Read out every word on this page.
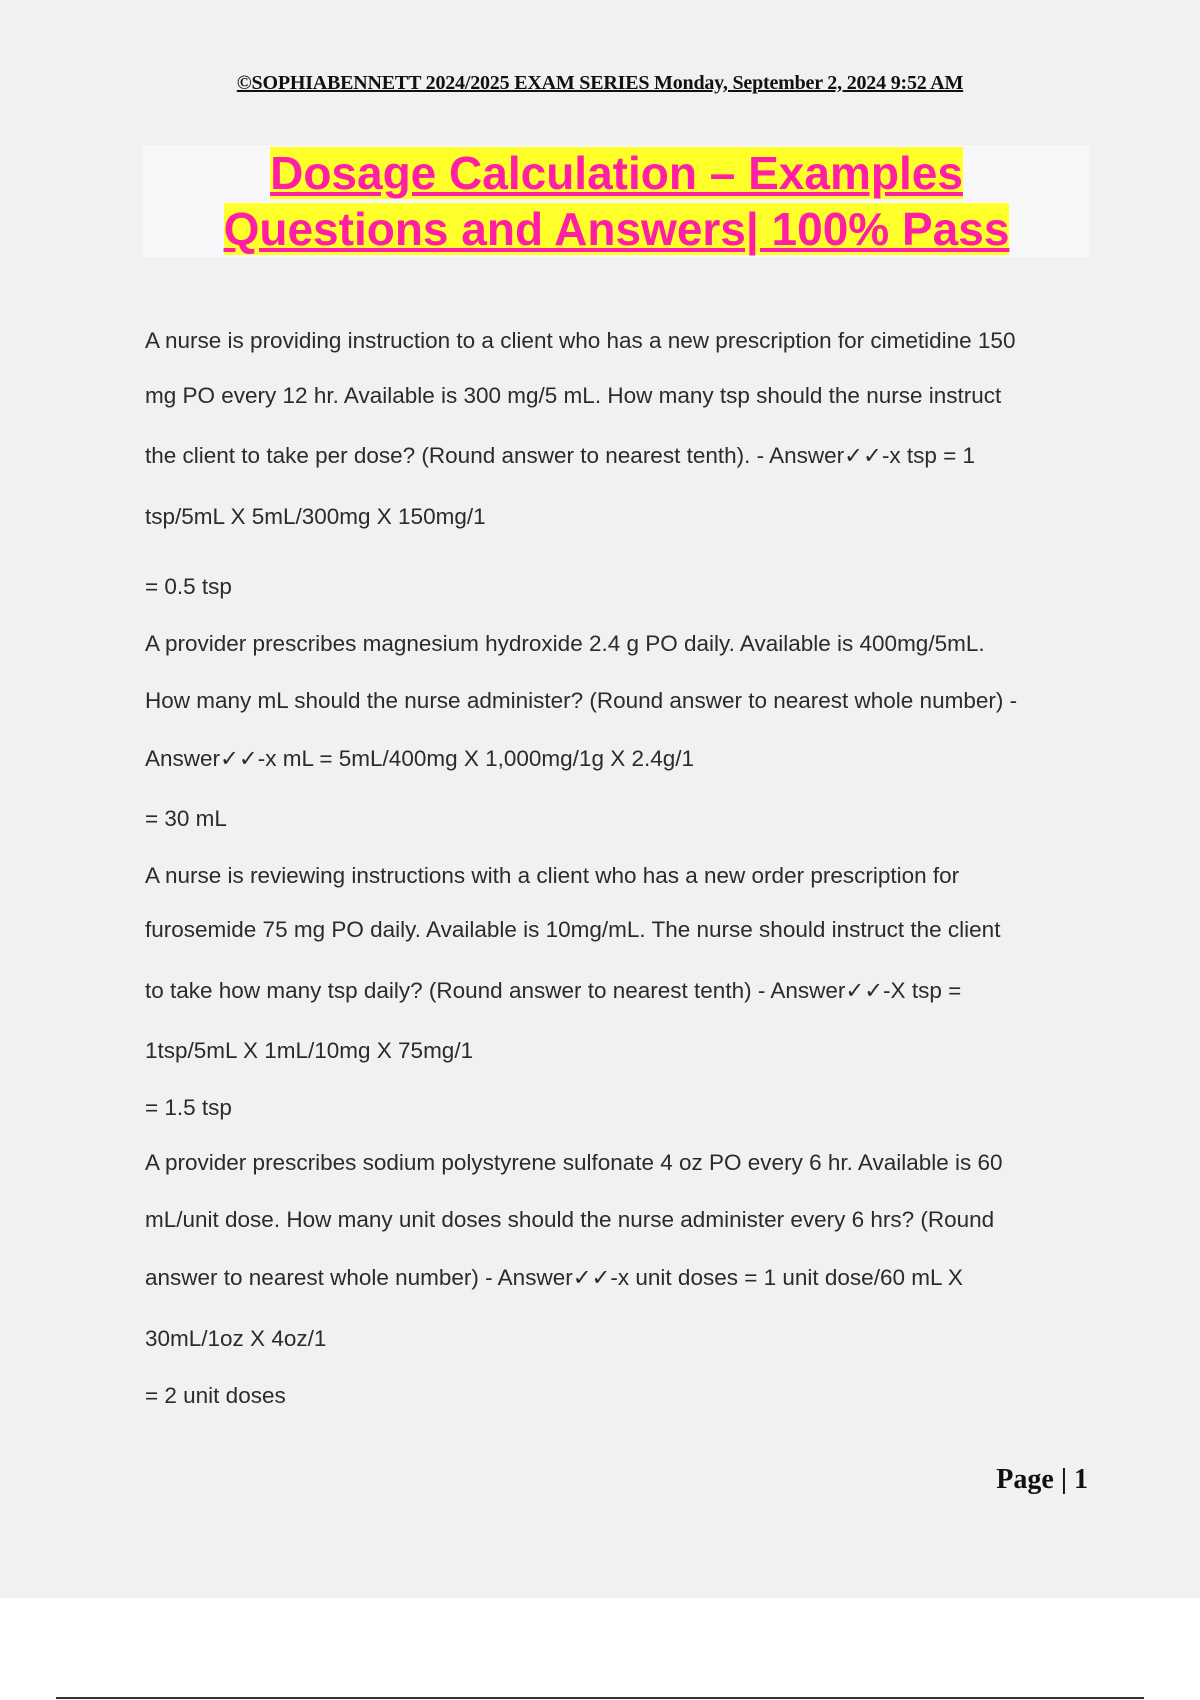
©SOPHIABENNETT 2024/2025 EXAM SERIES Monday, September 2, 2024 9:52 AM
Dosage Calculation – Examples
Questions and Answers| 100% Pass

A nurse is providing instruction to a client who has a new prescription for cimetidine 150

mg PO every 12 hr. Available is 300 mg/5 mL. How many tsp should the nurse instruct

the client to take per dose? (Round answer to nearest tenth). - Answer✓✓-x tsp = 1

tsp/5mL X 5mL/300mg X 150mg/1

= 0.5 tsp

A provider prescribes magnesium hydroxide 2.4 g PO daily. Available is 400mg/5mL.

How many mL should the nurse administer? (Round answer to nearest whole number) -

Answer✓✓-x mL = 5mL/400mg X 1,000mg/1g X 2.4g/1

= 30 mL

A nurse is reviewing instructions with a client who has a new order prescription for

furosemide 75 mg PO daily. Available is 10mg/mL. The nurse should instruct the client

to take how many tsp daily? (Round answer to nearest tenth) - Answer✓✓-X tsp =

1tsp/5mL X 1mL/10mg X 75mg/1

= 1.5 tsp

A provider prescribes sodium polystyrene sulfonate 4 oz PO every 6 hr. Available is 60

mL/unit dose. How many unit doses should the nurse administer every 6 hrs? (Round

answer to nearest whole number) - Answer✓✓-x unit doses = 1 unit dose/60 mL X

30mL/1oz X 4oz/1

= 2 unit doses

Page | 1
